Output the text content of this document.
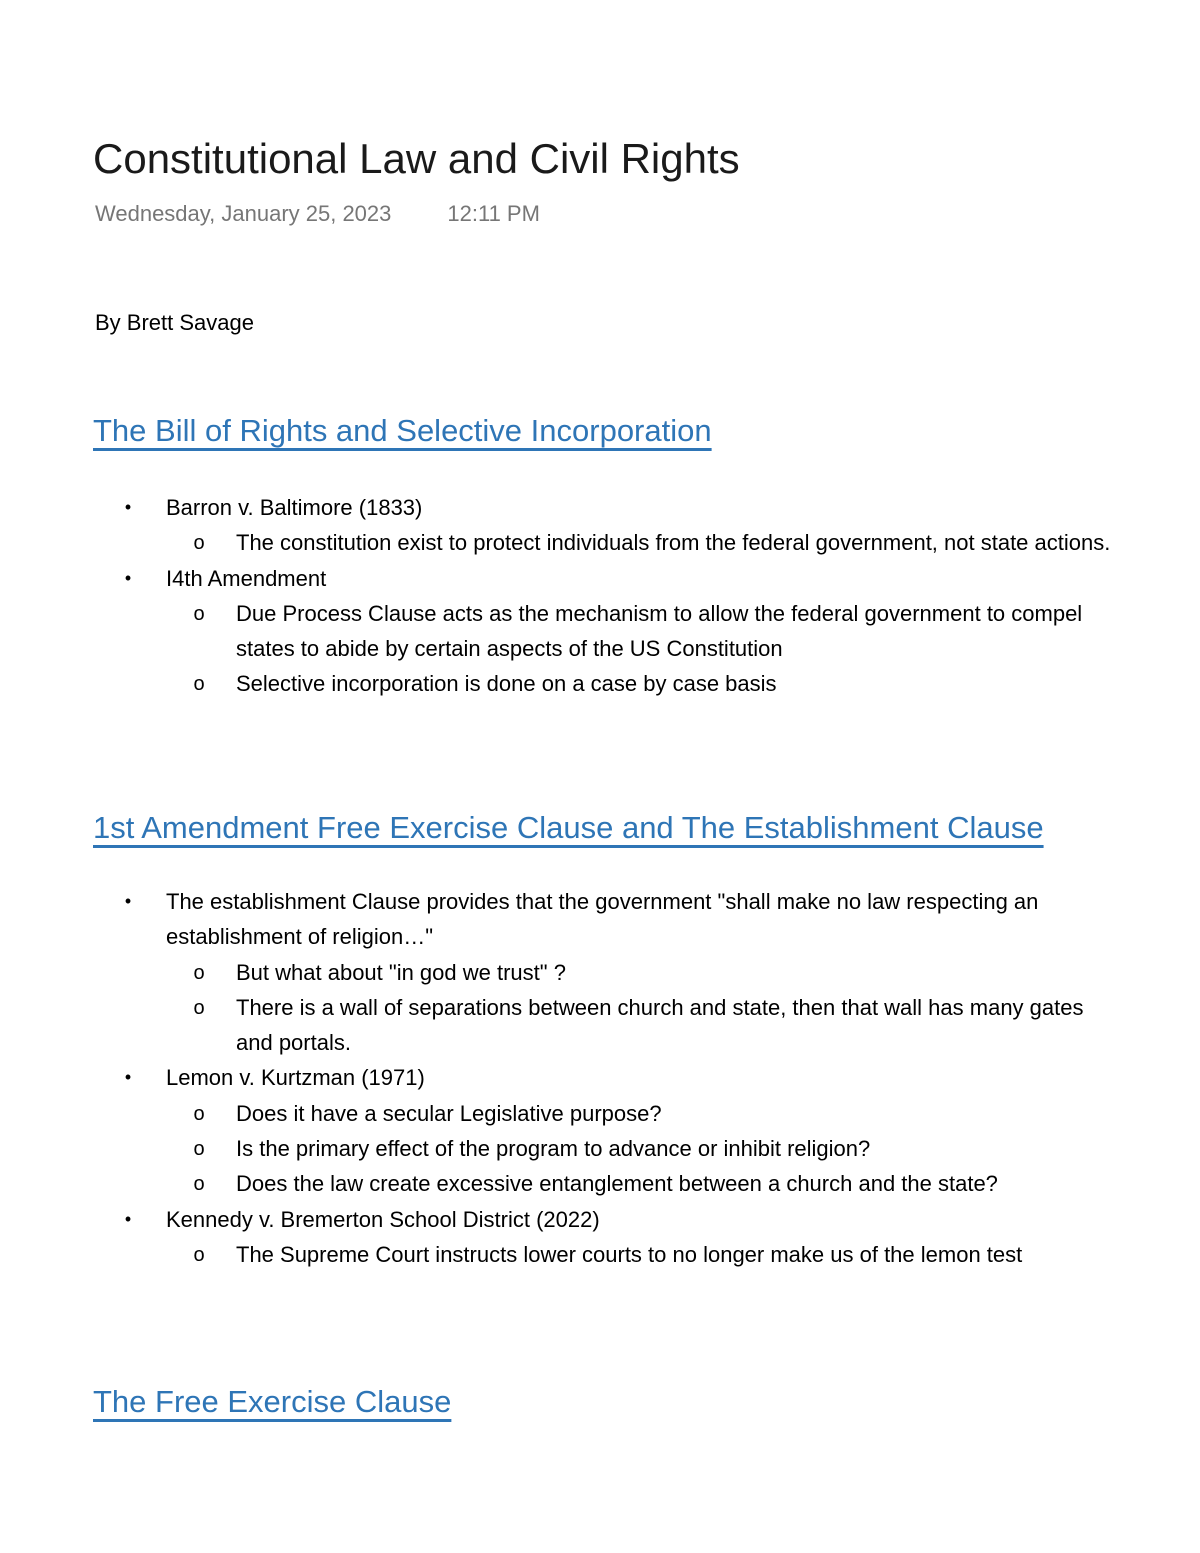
Constitutional Law and Civil Rights
Wednesday, January 25, 2023	12:11 PM
By Brett Savage
The Bill of Rights and Selective Incorporation
• Barron v. Baltimore (1833)
o The constitution exist to protect individuals from the federal government, not state actions.
• I4th Amendment
o Due Process Clause acts as the mechanism to allow the federal government to compel states to abide by certain aspects of the US Constitution
o Selective incorporation is done on a case by case basis
1st Amendment Free Exercise Clause and The Establishment Clause
• The establishment Clause provides that the government "shall make no law respecting an establishment of religion…"
o But what about "in god we trust" ?
o There is a wall of separations between church and state, then that wall has many gates and portals.
• Lemon v. Kurtzman (1971)
o Does it have a secular Legislative purpose?
o Is the primary effect of the program to advance or inhibit religion?
o Does the law create excessive entanglement between a church and the state?
• Kennedy v. Bremerton School District (2022)
o The Supreme Court instructs lower courts to no longer make us of the lemon test
The Free Exercise Clause
